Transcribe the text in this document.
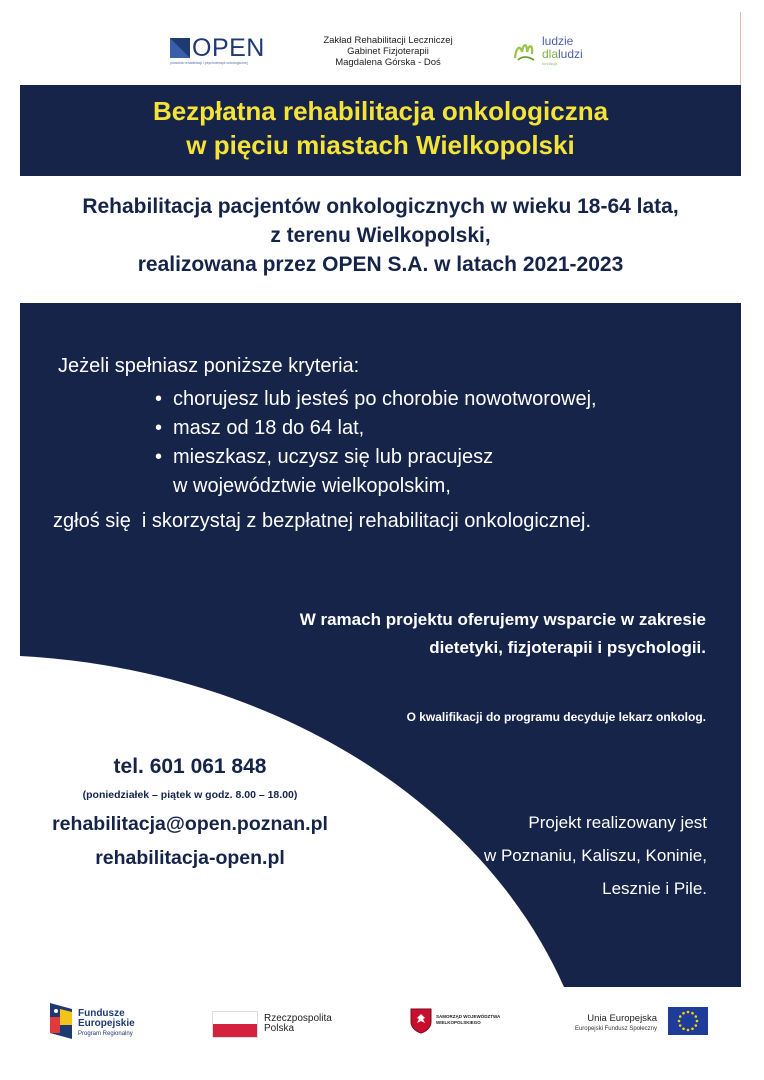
OPEN
poradnia rehabilitacji i psychoterapii onkologicznej
Zakład Rehabilitacji Leczniczej
Gabinet Fizjoterapii
Magdalena Górska - Doś
ludzie
dlaludzi
fundacja
Bezpłatna rehabilitacja onkologiczna
w pięciu miastach Wielkopolski
Rehabilitacja pacjentów onkologicznych w wieku 18-64 lata,
z terenu Wielkopolski,
realizowana przez OPEN S.A. w latach 2021-2023
Jeżeli spełniasz poniższe kryteria:
• chorujesz lub jesteś po chorobie nowotworowej,
• masz od 18 do 64 lat,
• mieszkasz, uczysz się lub pracujesz
w województwie wielkopolskim,
zgłoś się  i skorzystaj z bezpłatnej rehabilitacji onkologicznej.
W ramach projektu oferujemy wsparcie w zakresie
dietetyki, fizjoterapii i psychologii.
O kwalifikacji do programu decyduje lekarz onkolog.
tel. 601 061 848
(poniedziałek – piątek w godz. 8.00 – 18.00)
rehabilitacja@open.poznan.pl
rehabilitacja-open.pl
Projekt realizowany jest
w Poznaniu, Kaliszu, Koninie,
Lesznie i Pile.
Fundusze
Europejskie
Program Regionalny
Rzeczpospolita
Polska
SAMORZĄD WOJEWÓDZTWA
WIELKOPOLSKIEGO	Unia Europejska
Europejski Fundusz Społeczny
